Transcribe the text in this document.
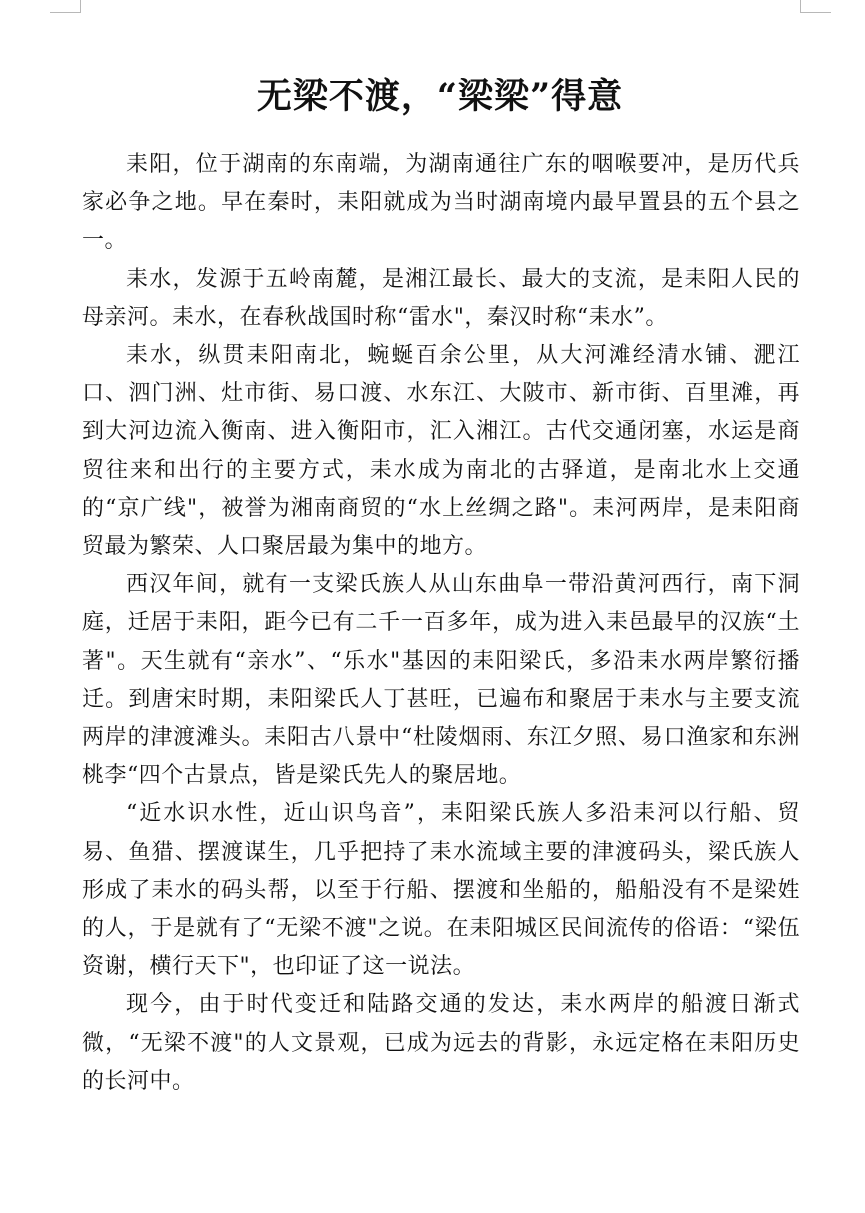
无梁不渡，“梁梁”得意

耒阳，位于湖南的东南端，为湖南通往广东的咽喉要冲，是历代兵家必争之地。早在秦时，耒阳就成为当时湖南境内最早置县的五个县之一。

耒水，发源于五岭南麓，是湘江最长、最大的支流，是耒阳人民的母亲河。耒水，在春秋战国时称“雷水"，秦汉时称“耒水”。

耒水，纵贯耒阳南北，蜿蜒百余公里，从大河滩经清水铺、淝江口、泗门洲、灶市街、易口渡、水东江、大陂市、新市街、百里滩，再到大河边流入衡南、进入衡阳市，汇入湘江。古代交通闭塞，水运是商贸往来和出行的主要方式，耒水成为南北的古驿道，是南北水上交通的“京广线"，被誉为湘南商贸的“水上丝绸之路"。耒河两岸，是耒阳商贸最为繁荣、人口聚居最为集中的地方。

西汉年间，就有一支梁氏族人从山东曲阜一带沿黄河西行，南下洞庭，迁居于耒阳，距今已有二千一百多年，成为进入耒邑最早的汉族“土著"。天生就有“亲水”、“乐水"基因的耒阳梁氏，多沿耒水两岸繁衍播迁。到唐宋时期，耒阳梁氏人丁甚旺，已遍布和聚居于耒水与主要支流两岸的津渡滩头。耒阳古八景中“杜陵烟雨、东江夕照、易口渔家和东洲桃李“四个古景点，皆是梁氏先人的聚居地。

“近水识水性，近山识鸟音”，耒阳梁氏族人多沿耒河以行船、贸易、鱼猎、摆渡谋生，几乎把持了耒水流域主要的津渡码头，梁氏族人形成了耒水的码头帮，以至于行船、摆渡和坐船的，船船没有不是梁姓的人，于是就有了“无梁不渡"之说。在耒阳城区民间流传的俗语：“梁伍资谢，横行天下"，也印证了这一说法。

现今，由于时代变迁和陆路交通的发达，耒水两岸的船渡日渐式微，“无梁不渡"的人文景观，已成为远去的背影，永远定格在耒阳历史的长河中。
